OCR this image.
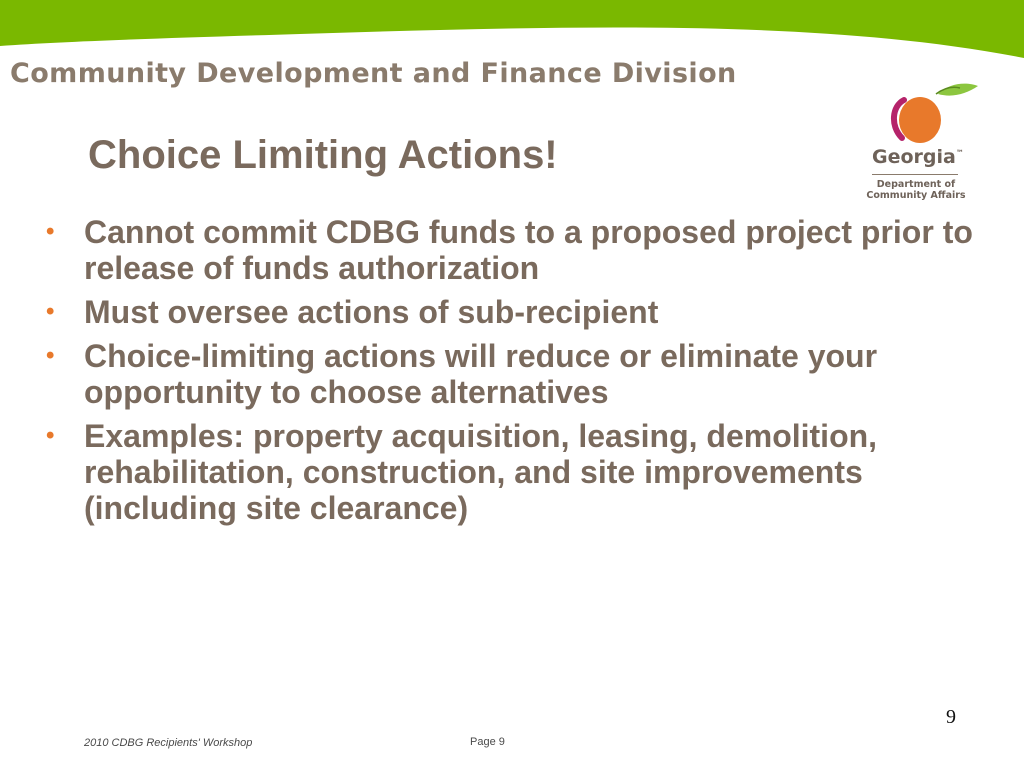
Community Development and Finance Division
Georgia™
Department of Community Affairs
Choice Limiting Actions!
• Cannot commit CDBG funds to a proposed project prior to release of funds authorization
• Must oversee actions of sub-recipient
• Choice-limiting actions will reduce or eliminate your opportunity to choose alternatives
• Examples: property acquisition, leasing, demolition, rehabilitation, construction, and site improvements (including site clearance)
9
2010 CDBG Recipients' Workshop	Page 9
